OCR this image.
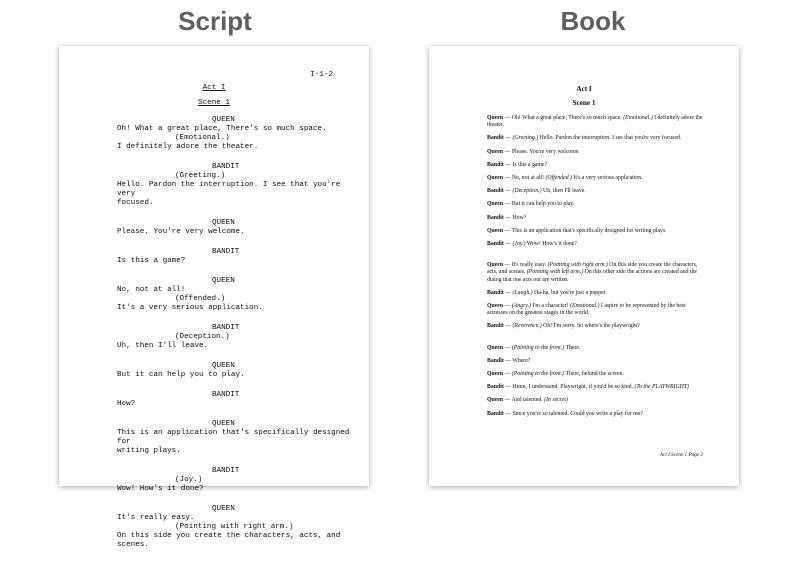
Script	Book
I-1-2
Act I
Scene 1
QUEEN
Oh! What a great place, There's so much space.
(Emotional.)
I definitely adore the theater.
BANDIT
(Greeting.)
Hello. Pardon the interruption. I see that you're very
focused.
QUEEN
Please. You're very welcome.
BANDIT
Is this a game?
QUEEN
No, not at all!
(Offended.)
It's a very serious application.
BANDIT
(Deception.)
Uh, then I'll leave.
QUEEN
But it can help you to play.
BANDIT
How?
QUEEN
This is an application that's specifically designed for
writing plays.
BANDIT
(Joy.)
Wow! How's it done?
QUEEN
It's really easy.
(Pointing with right arm.)
On this side you create the characters, acts, and
scenes.
Act I
Scene 1
Queen — Oh! What a great place, There's so much space. (Emotional.) I definitely adore the theater.
Bandit — (Greeting.) Hello. Pardon the interruption. I see that you're very focused.
Queen — Please. You're very welcome.
Bandit — Is this a game?
Queen — No, not at all! (Offended.) It's a very serious application.
Bandit — (Deception.) Uh, then I'll leave.
Queen — But it can help you to play.
Bandit — How?
Queen — This is an application that's specifically designed for writing plays.
Bandit — (Joy.) Wow! How's it done?
Queen — It's really easy. (Pointing with right arm.) On this side you create the characters, acts, and scenes. (Pointing with left arm.) On this other side the actions are created and the dialog that one acts out are written.
Bandit — (Laugh.) Ha-ha, but you're just a puppet.
Queen — (Angry.) I'm a character! (Emotional.) I aspire to be represented by the best actresses on the greatest stages in the world.
Bandit — (Reverence.) Oh! I'm sorry. So where's the playwright?
Queen — (Pointing to the front.) There.
Bandit — Where?
Queen — (Pointing to the front.) There, behind the screen.
Bandit — Hmm, I understand. Playwright, if you'd be so kind. (To the PLAYWRIGHT)
Queen — And talented. (In secret)
Bandit — Since you're so talented. Could you write a play for me?
Act I Scene 1 Page 2
